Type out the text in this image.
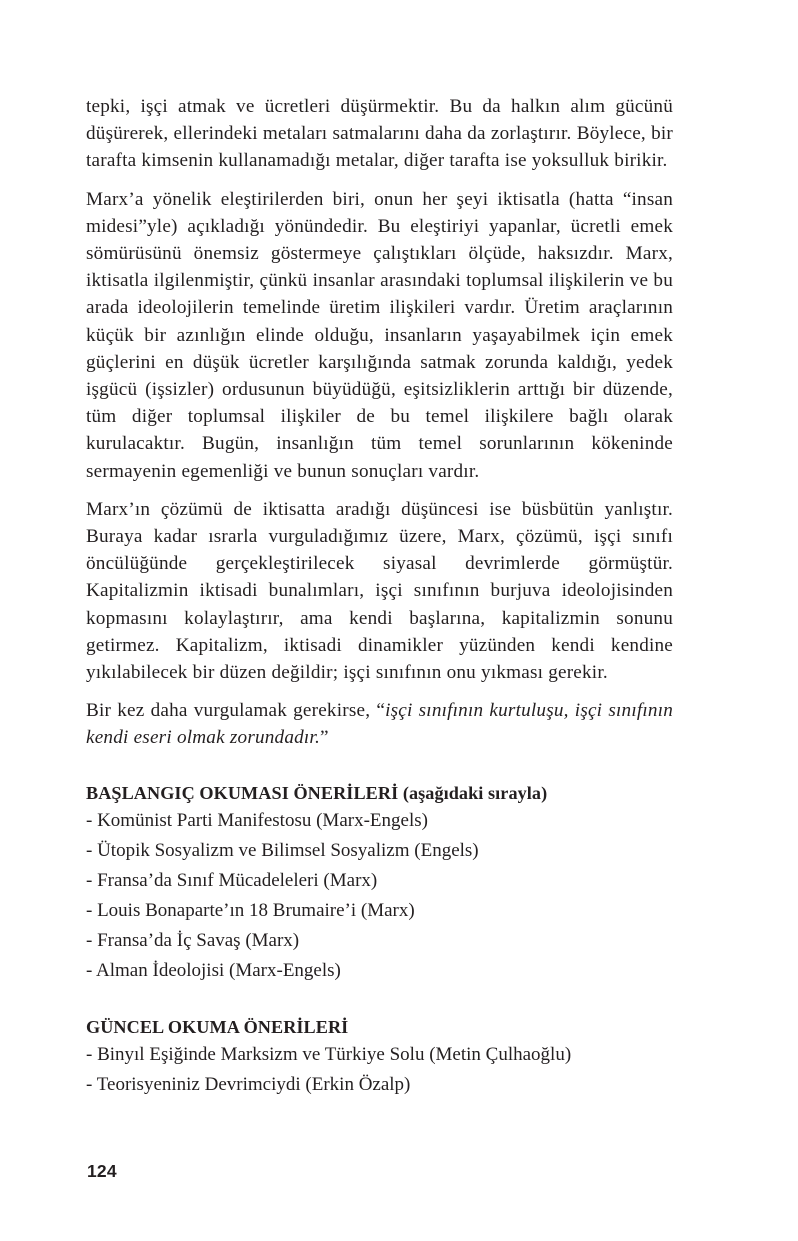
tepki, işçi atmak ve ücretleri düşürmektir. Bu da halkın alım gücünü düşürerek, ellerindeki metaları satmalarını daha da zorlaştırır. Böylece, bir tarafta kimsenin kullanamadığı metalar, diğer tarafta ise yoksulluk birikir.

Marx’a yönelik eleştirilerden biri, onun her şeyi iktisatla (hatta “insan midesi”yle) açıkladığı yönündedir. Bu eleştiriyi yapanlar, ücretli emek sömürüsünü önemsiz göstermeye çalıştıkları ölçüde, haksızdır. Marx, iktisatla ilgilenmiştir, çünkü insanlar arasındaki toplumsal ilişkilerin ve bu arada ideolojilerin temelinde üretim ilişkileri vardır. Üretim araçlarının küçük bir azınlığın elinde olduğu, insanların yaşayabilmek için emek güçlerini en düşük ücretler karşılığında satmak zorunda kaldığı, yedek işgücü (işsizler) ordusunun büyüdüğü, eşitsizliklerin arttığı bir düzende, tüm diğer toplumsal ilişkiler de bu temel ilişkilere bağlı olarak kurulacaktır. Bugün, insanlığın tüm temel sorunlarının kökeninde sermayenin egemenliği ve bunun sonuçları vardır.

Marx’ın çözümü de iktisatta aradığı düşüncesi ise büsbütün yanlıştır. Buraya kadar ısrarla vurguladığımız üzere, Marx, çözümü, işçi sınıfı öncülüğünde gerçekleştirilecek siyasal devrimlerde görmüştür. Kapitalizmin iktisadi bunalımları, işçi sınıfının burjuva ideolojisinden kopmasını kolaylaştırır, ama kendi başlarına, kapitalizmin sonunu getirmez. Kapitalizm, iktisadi dinamikler yüzünden kendi kendine yıkılabilecek bir düzen değildir; işçi sınıfının onu yıkması gerekir.

Bir kez daha vurgulamak gerekirse, “işçi sınıfının kurtuluşu, işçi sınıfının kendi eseri olmak zorundadır.”

BAŞLANGIÇ OKUMASI ÖNERİLERİ (aşağıdaki sırayla)

- Komünist Parti Manifestosu (Marx-Engels)
- Ütopik Sosyalizm ve Bilimsel Sosyalizm (Engels)
- Fransa’da Sınıf Mücadeleleri (Marx)
- Louis Bonaparte’ın 18 Brumaire’i (Marx)
- Fransa’da İç Savaş (Marx)
- Alman İdeolojisi (Marx-Engels)

GÜNCEL OKUMA ÖNERİLERİ

- Binyıl Eşiğinde Marksizm ve Türkiye Solu (Metin Çulhaoğlu)
- Teorisyeniniz Devrimciydi (Erkin Özalp)
124
